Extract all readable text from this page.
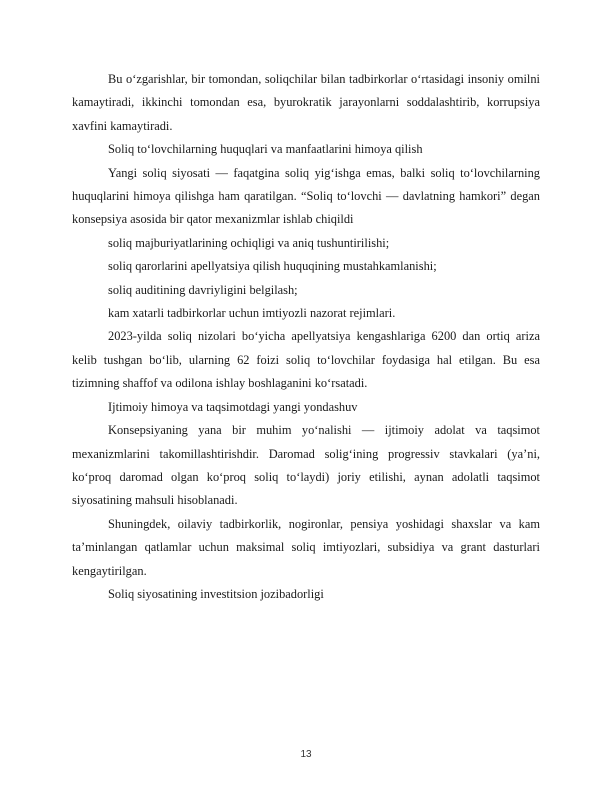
Bu o‘zgarishlar, bir tomondan, soliqchilar bilan tadbirkorlar o‘rtasidagi insoniy omilni kamaytiradi, ikkinchi tomondan esa, byurokratik jarayonlarni soddalashtirib, korrupsiya xavfini kamaytiradi.

Soliq to‘lovchilarning huquqlari va manfaatlarini himoya qilish

Yangi soliq siyosati — faqatgina soliq yig‘ishga emas, balki soliq to‘lovchilarning huquqlarini himoya qilishga ham qaratilgan. “Soliq to‘lovchi — davlatning hamkori” degan konsepsiya asosida bir qator mexanizmlar ishlab chiqildi

soliq majburiyatlarining ochiqligi va aniq tushuntirilishi;

soliq qarorlarini apellyatsiya qilish huquqining mustahkamlanishi;

soliq auditining davriyligini belgilash;

kam xatarli tadbirkorlar uchun imtiyozli nazorat rejimlari.

2023-yilda soliq nizolari bo‘yicha apellyatsiya kengashlariga 6200 dan ortiq ariza kelib tushgan bo‘lib, ularning 62 foizi soliq to‘lovchilar foydasiga hal etilgan. Bu esa tizimning shaffof va odilona ishlay boshlaganini ko‘rsatadi.

Ijtimoiy himoya va taqsimotdagi yangi yondashuv

Konsepsiyaning yana bir muhim yo‘nalishi — ijtimoiy adolat va taqsimot mexanizmlarini takomillashtirishdir. Daromad solig‘ining progressiv stavkalari (ya’ni, ko‘proq daromad olgan ko‘proq soliq to‘laydi) joriy etilishi, aynan adolatli taqsimot siyosatining mahsuli hisoblanadi.

Shuningdek, oilaviy tadbirkorlik, nogironlar, pensiya yoshidagi shaxslar va kam ta’minlangan qatlamlar uchun maksimal soliq imtiyozlari, subsidiya va grant dasturlari kengaytirilgan.

Soliq siyosatining investitsion jozibadorligi

13
